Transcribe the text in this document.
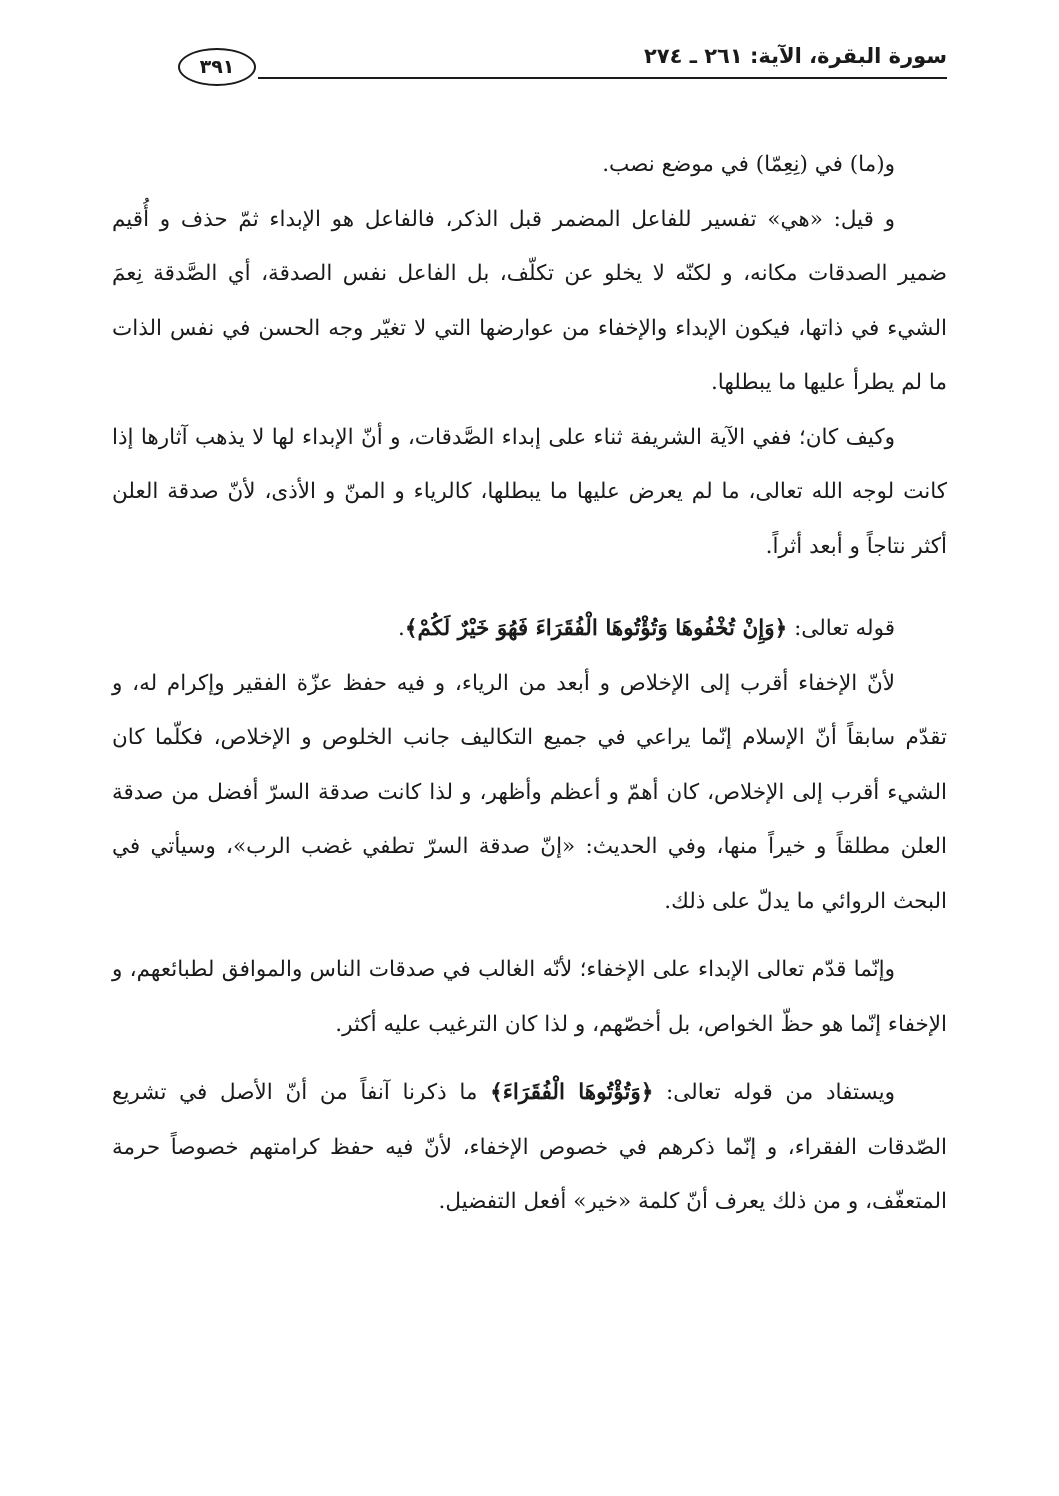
سورة البقرة، الآية: ٢٦١ ـ ٢٧٤
٣٩١

و(ما) في (نِعِمّا) في موضع نصب.

و قيل: «هي» تفسير للفاعل المضمر قبل الذكر، فالفاعل هو الإبداء ثمّ حذف و أُقيم ضمير الصدقات مكانه، و لكنّه لا يخلو عن تكلّف، بل الفاعل نفس الصدقة، أي الصَّدقة نِعمَ الشيء في ذاتها، فيكون الإبداء والإخفاء من عوارضها التي لا تغيّر وجه الحسن في نفس الذات ما لم يطرأ عليها ما يبطلها.

وكيف كان؛ ففي الآية الشريفة ثناء على إبداء الصَّدقات، و أنّ الإبداء لها لا يذهب آثارها إذا كانت لوجه الله تعالى، ما لم يعرض عليها ما يبطلها، كالرياء و المنّ و الأذى، لأنّ صدقة العلن أكثر نتاجاً و أبعد أثراً.

قوله تعالى: ﴿وَإِنْ تُخْفُوهَا وَتُؤْتُوهَا الْفُقَرَاءَ فَهُوَ خَيْرٌ لَكُمْ﴾.

لأنّ الإخفاء أقرب إلى الإخلاص و أبعد من الرياء، و فيه حفظ عزّة الفقير وإكرام له، و تقدّم سابقاً أنّ الإسلام إنّما يراعي في جميع التكاليف جانب الخلوص و الإخلاص، فكلّما كان الشيء أقرب إلى الإخلاص، كان أهمّ و أعظم وأظهر، و لذا كانت صدقة السرّ أفضل من صدقة العلن مطلقاً و خيراً منها، وفي الحديث: «إنّ صدقة السرّ تطفي غضب الرب»، وسيأتي في البحث الروائي ما يدلّ على ذلك.

وإنّما قدّم تعالى الإبداء على الإخفاء؛ لأنّه الغالب في صدقات الناس والموافق لطبائعهم، و الإخفاء إنّما هو حظّ الخواص، بل أخصّهم، و لذا كان الترغيب عليه أكثر.

ويستفاد من قوله تعالى: ﴿وَتُؤْتُوهَا الْفُقَرَاءَ﴾ ما ذكرنا آنفاً من أنّ الأصل في تشريع الصّدقات الفقراء، و إنّما ذكرهم في خصوص الإخفاء، لأنّ فيه حفظ كرامتهم خصوصاً حرمة المتعفّف، و من ذلك يعرف أنّ كلمة «خير» أفعل التفضيل.
